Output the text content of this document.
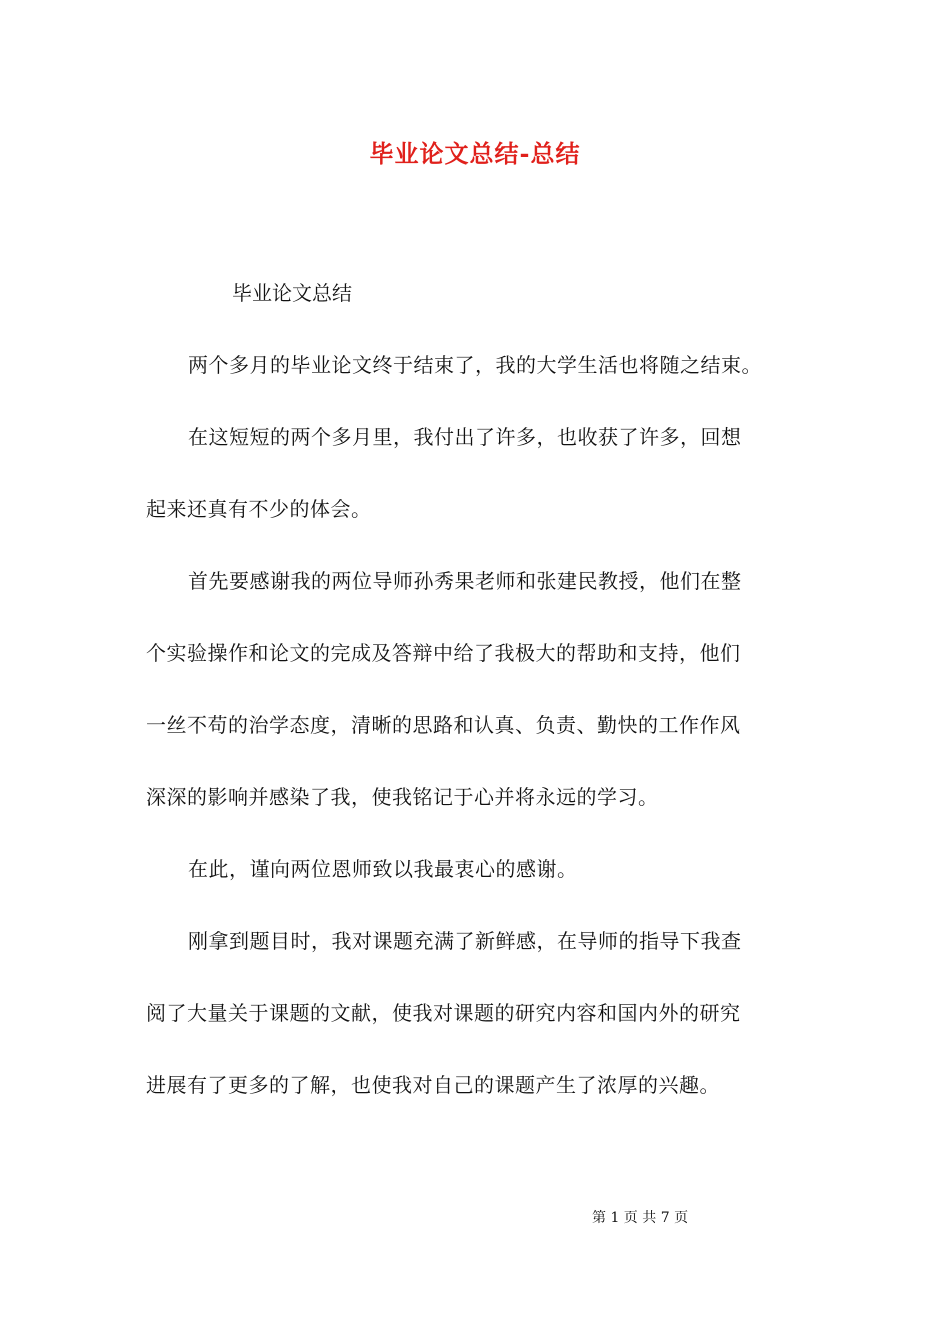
毕业论文总结-总结
毕业论文总结
两个多月的毕业论文终于结束了，我的大学生活也将随之结束。
在这短短的两个多月里，我付出了许多，也收获了许多，回想
起来还真有不少的体会。
首先要感谢我的两位导师孙秀果老师和张建民教授，他们在整
个实验操作和论文的完成及答辩中给了我极大的帮助和支持，他们
一丝不苟的治学态度，清晰的思路和认真、负责、勤快的工作作风
深深的影响并感染了我，使我铭记于心并将永远的学习。
在此，谨向两位恩师致以我最衷心的感谢。
刚拿到题目时，我对课题充满了新鲜感，在导师的指导下我查
阅了大量关于课题的文献，使我对课题的研究内容和国内外的研究
进展有了更多的了解，也使我对自己的课题产生了浓厚的兴趣。
第 1 页 共 7 页
